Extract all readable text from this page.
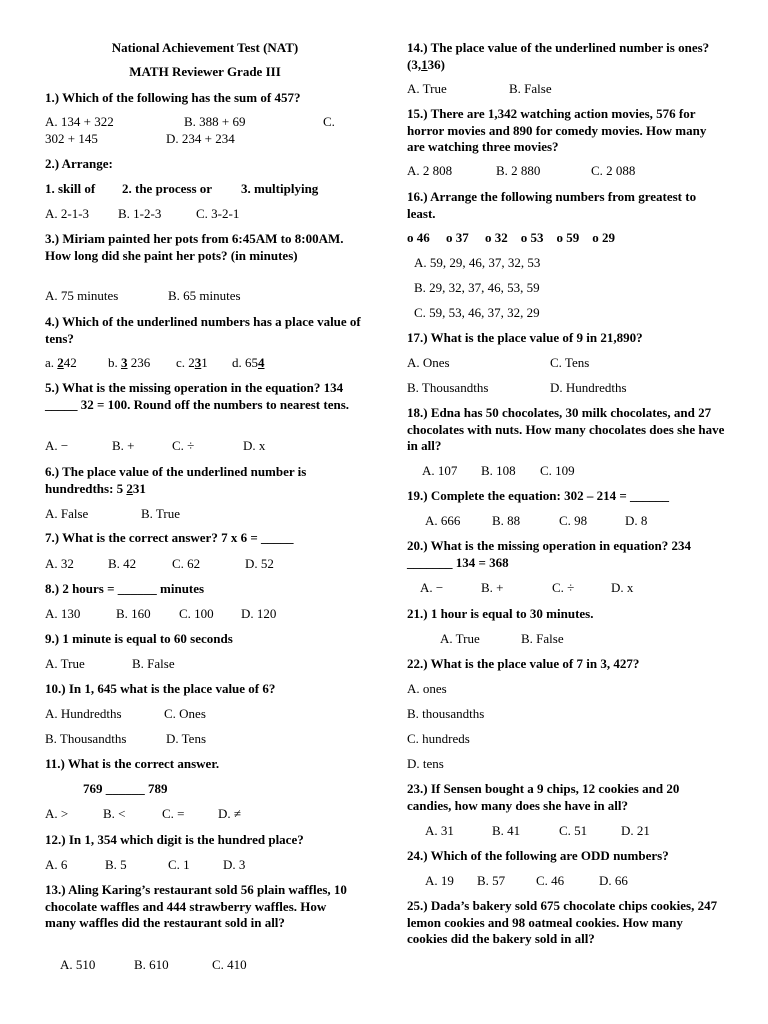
National Achievement Test (NAT)
MATH Reviewer Grade III
1.) Which of the following has the sum of 457?
A. 134 + 322	B. 388 + 69	C.
302 + 145	D. 234 + 234
2.) Arrange:
1. skill of 2. the process or 3. multiplying
A. 2-1-3 B. 1-2-3	C. 3-2-1
3.) Miriam painted her pots from 6:45AM to 8:00AM. How long did she paint her pots? (in minutes)
A. 75 minutes	B. 65 minutes
4.) Which of the underlined numbers has a place value of tens?
a. 242 b. 3 236 c. 231 d. 654
5.) What is the missing operation in the equation? 134 _____ 32 = 100. Round off the numbers to nearest tens.
A. −	B. +	C. ÷	D. x
6.) The place value of the underlined number is hundredths: 5 231
A. False	B. True
7.) What is the correct answer? 7 x 6 = _____
A. 32	B. 42	C. 62	D. 52
8.) 2 hours = ______ minutes
A. 130	B. 160 C. 100 D. 120
9.) 1 minute is equal to 60 seconds
A. True	B. False
10.) In 1, 645 what is the place value of 6?
A. Hundredths	C. Ones
B. Thousandths	D. Tens
11.) What is the correct answer.
769 ______ 789
A. >	B. <	C. =	D. ≠
12.) In 1, 354 which digit is the hundred place?
A. 6	B. 5	C. 1	D. 3
13.) Aling Karing’s restaurant sold 56 plain waffles, 10 chocolate waffles and 444 strawberry waffles. How many waffles did the restaurant sold in all?
A. 510	B. 610	C. 410
14.) The place value of the underlined number is ones? (3,136)
A. True	B. False
15.) There are 1,342 watching action movies, 576 for horror movies and 890 for comedy movies. How many are watching three movies?
A. 2 808	B. 2 880	C. 2 088
16.) Arrange the following numbers from greatest to least.
o 46     o 37     o 32    o 53    o 59    o 29
A. 59, 29, 46, 37, 32, 53
B. 29, 32, 37, 46, 53, 59
C. 59, 53, 46, 37, 32, 29
17.) What is the place value of 9 in 21,890?
A. Ones	C. Tens
B. Thousandths	D. Hundredths
18.) Edna has 50 chocolates, 30 milk chocolates, and 27 chocolates with nuts. How many chocolates does she have in all?
A. 107 B. 108 C. 109
19.) Complete the equation: 302 – 214 = ______
A. 666 B. 88	C. 98	D. 8
20.) What is the missing operation in equation? 234 _______ 134 = 368
A. −	B. +	C. ÷	D. x
21.) 1 hour is equal to 30 minutes.
A. True	B. False
22.) What is the place value of 7 in 3, 427?
A. ones
B. thousandths
C. hundreds
D. tens
23.) If Sensen bought a 9 chips, 12 cookies and 20 candies, how many does she have in all?
A. 31	B. 41	C. 51	D. 21
24.) Which of the following are ODD numbers?
A. 19 B. 57 C. 46	D. 66
25.) Dada’s bakery sold 675 chocolate chips cookies, 247 lemon cookies and 98 oatmeal cookies. How many cookies did the bakery sold in all?
